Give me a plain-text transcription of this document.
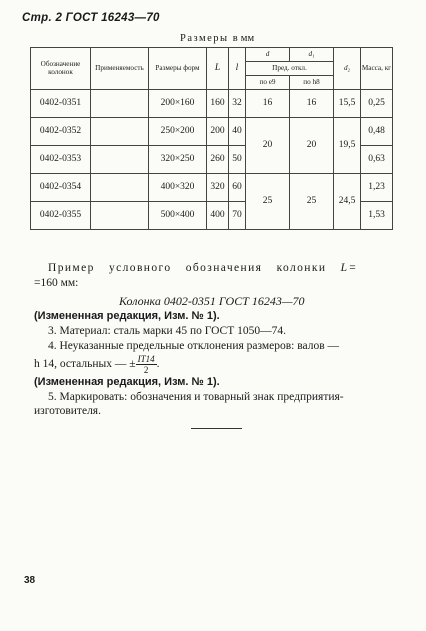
Стр. 2 ГОСТ 16243—70
Размеры в мм
Обозначение колонок	Применяемость	Размеры форм	L	l	d	d₁	d₂	Масса, кг
					Пред. откл.			
					по e9	по h8		
0402-0351		200×160	160	32	16	16	15,5	0,25
0402-0352		250×200	200	40	20	20	19,5	0,48
0402-0353		320×250	260	50				0,63
0402-0354		400×320	320	60	25	25	24,5	1,23
0402-0355		500×400	400	70				1,53
Пример условного обозначения колонки L=
=160 мм:
Колонка 0402-0351 ГОСТ 16243—70
(Измененная редакция, Изм. № 1).
3. Материал: сталь марки 45 по ГОСТ 1050—74.
4. Неуказанные предельные отклонения размеров: валов —
h 14, остальных — ± $\frac{IT14}{2}$ .
(Измененная редакция, Изм. № 1).
5. Маркировать: обозначения и товарный знак предприятия-
изготовителя.
38
